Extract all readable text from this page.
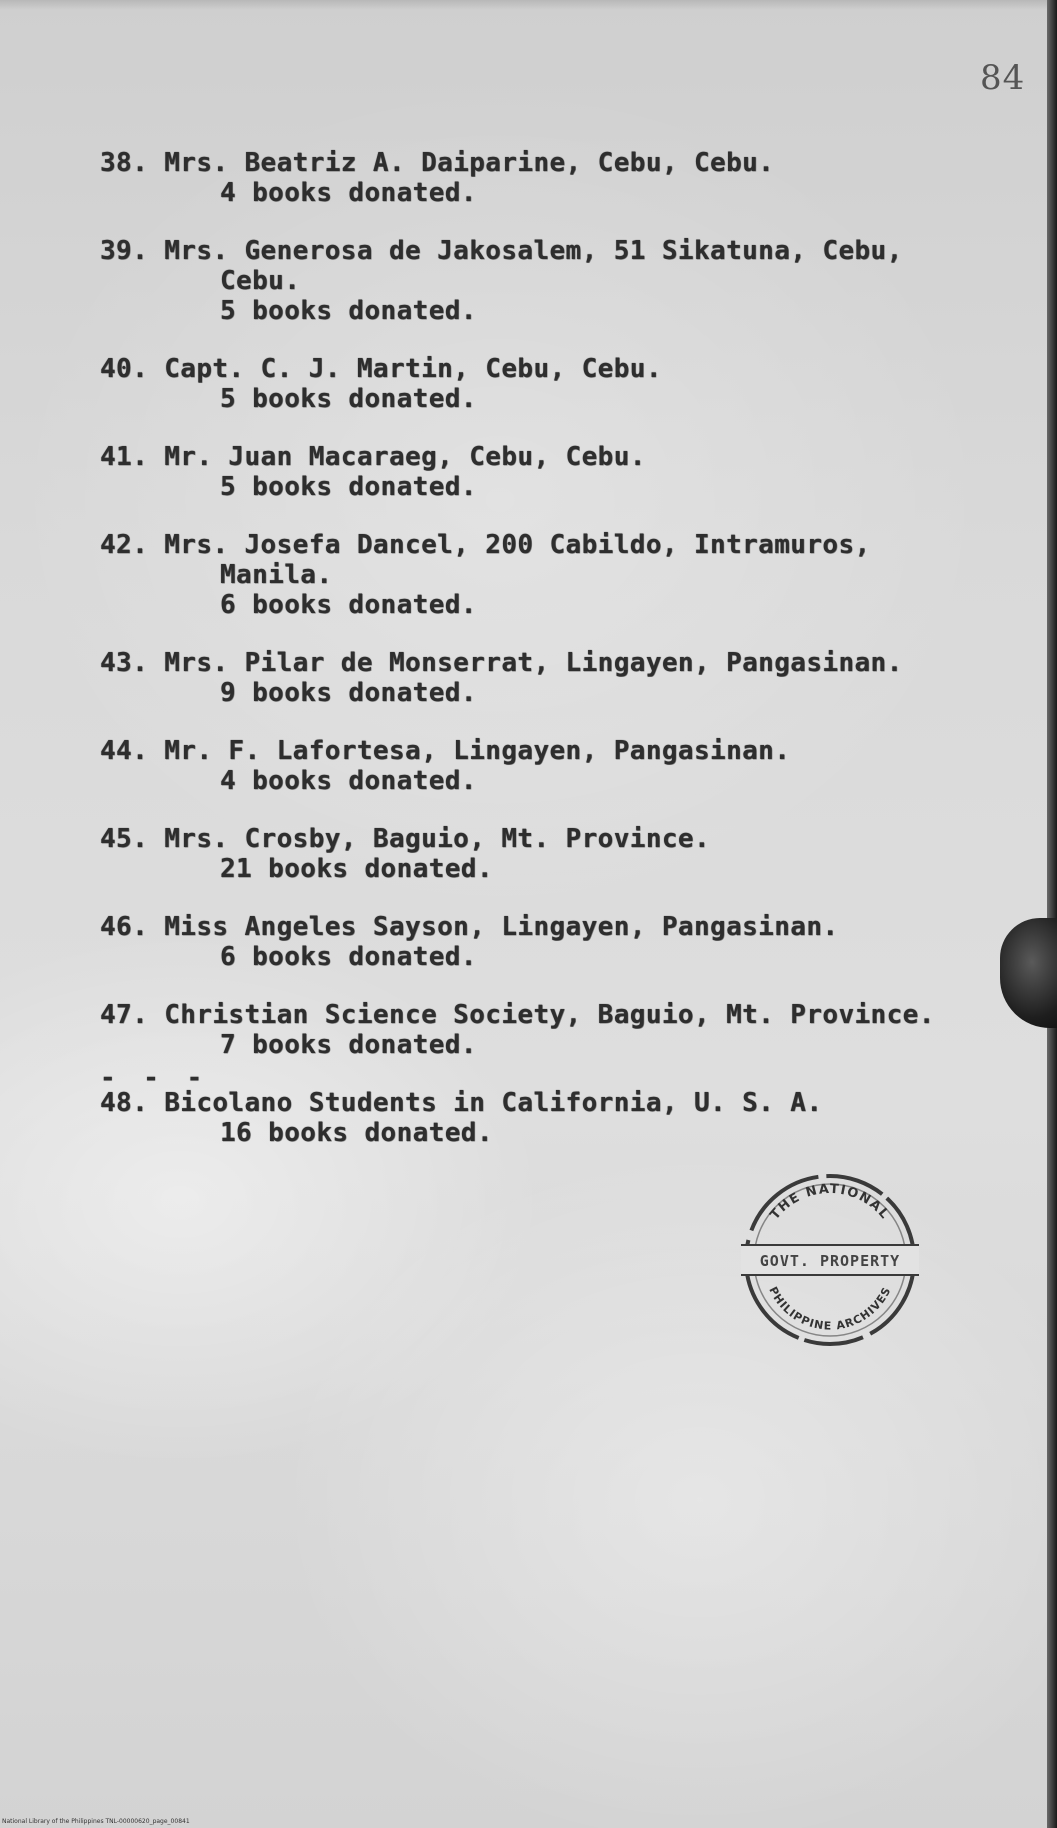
84
38. Mrs. Beatriz A. Daiparine, Cebu, Cebu.
4 books donated.
39. Mrs. Generosa de Jakosalem, 51 Sikatuna, Cebu,
Cebu.
5 books donated.
40. Capt. C. J. Martin, Cebu, Cebu.
5 books donated.
41. Mr. Juan Macaraeg, Cebu, Cebu.
5 books donated.
42. Mrs. Josefa Dancel, 200 Cabildo, Intramuros,
Manila.
6 books donated.
43. Mrs. Pilar de Monserrat, Lingayen, Pangasinan.
9 books donated.
44. Mr. F. Lafortesa, Lingayen, Pangasinan.
4 books donated.
45. Mrs. Crosby, Baguio, Mt. Province.
21 books donated.
46. Miss Angeles Sayson, Lingayen, Pangasinan.
6 books donated.
47. Christian Science Society, Baguio, Mt. Province.
7 books donated.
48. Bicolano Students in California, U. S. A.
16 books donated.
- - -
THE NATIONAL
GOVT. PROPERTY
PHILIPPINE ARCHIVES
National Library of the Philippines TNL-00000620_page_00841
